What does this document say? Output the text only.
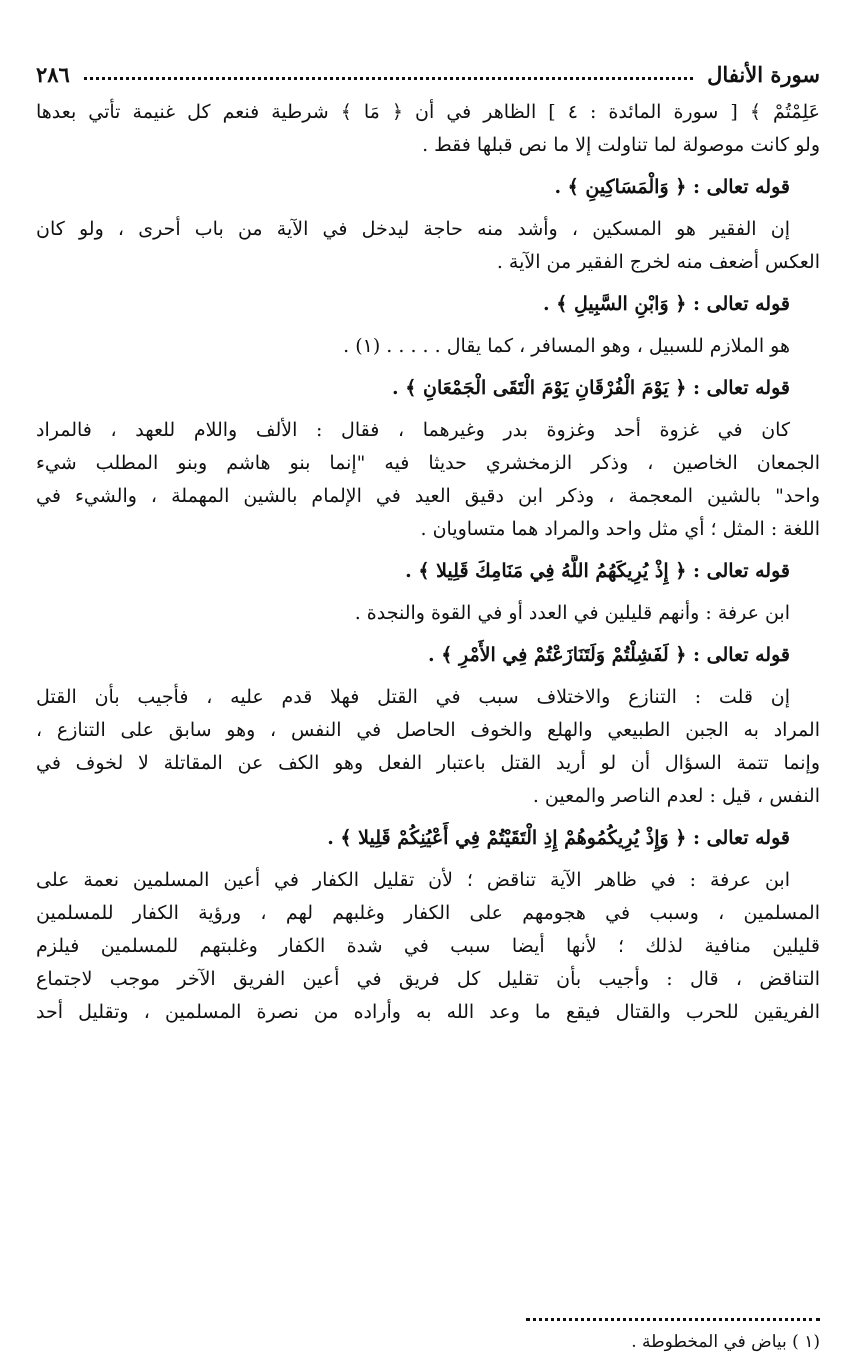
سورة الأنفال
٢٨٦
عَلِمْتُمْ ﴾ [ سورة المائدة : ٤ ] الظاهر في أن ﴿ مَا ﴾ شرطية فنعم كل غنيمة تأتي بعدها
ولو كانت موصولة لما تناولت إلا ما نص قبلها فقط .
قوله تعالى : ﴿ وَالْمَسَاكِينِ ﴾ .
إن الفقير هو المسكين ، وأشد منه حاجة ليدخل في الآية من باب أحرى ، ولو كان
العكس أضعف منه لخرج الفقير من الآية .
قوله تعالى : ﴿ وَابْنِ السَّبِيلِ ﴾ .
هو الملازم للسبيل ، وهو المسافر ، كما يقال . . . . . (١) .
قوله تعالى : ﴿ يَوْمَ الْفُرْقَانِ يَوْمَ الْتَقَى الْجَمْعَانِ ﴾ .
كان في غزوة أحد وغزوة بدر وغيرهما ، فقال : الألف واللام للعهد ، فالمراد
الجمعان الخاصين ، وذكر الزمخشري حديثا فيه "إنما بنو هاشم وبنو المطلب شيء
واحد" بالشين المعجمة ، وذكر ابن دقيق العيد في الإلمام بالشين المهملة ، والشيء في
اللغة : المثل ؛ أي مثل واحد والمراد هما متساويان .
قوله تعالى : ﴿ إِذْ يُرِيكَهُمُ اللَّهُ فِي مَنَامِكَ قَلِيلا ﴾ .
ابن عرفة : وأنهم قليلين في العدد أو في القوة والنجدة .
قوله تعالى : ﴿ لَفَشِلْتُمْ وَلَتَنَازَعْتُمْ فِي الأَمْرِ ﴾ .
إن قلت : التنازع والاختلاف سبب في القتل فهلا قدم عليه ، فأجيب بأن القتل
المراد به الجبن الطبيعي والهلع والخوف الحاصل في النفس ، وهو سابق على التنازع ،
وإنما تتمة السؤال أن لو أريد القتل باعتبار الفعل وهو الكف عن المقاتلة لا لخوف في
النفس ، قيل : لعدم الناصر والمعين .
قوله تعالى : ﴿ وَإِذْ يُرِيكُمُوهُمْ إِذِ الْتَقَيْتُمْ فِي أَعْيُنِكُمْ قَلِيلا ﴾ .
ابن عرفة : في ظاهر الآية تناقض ؛ لأن تقليل الكفار في أعين المسلمين نعمة على
المسلمين ، وسبب في هجومهم على الكفار وغلبهم لهم ، ورؤية الكفار للمسلمين
قليلين منافية لذلك ؛ لأنها أيضا سبب في شدة الكفار وغلبتهم للمسلمين فيلزم
التناقض ، قال : وأجيب بأن تقليل كل فريق في أعين الفريق الآخر موجب لاجتماع
الفريقين للحرب والقتال فيقع ما وعد الله به وأراده من نصرة المسلمين ، وتقليل أحد
(١ ) بياض في المخطوطة .
